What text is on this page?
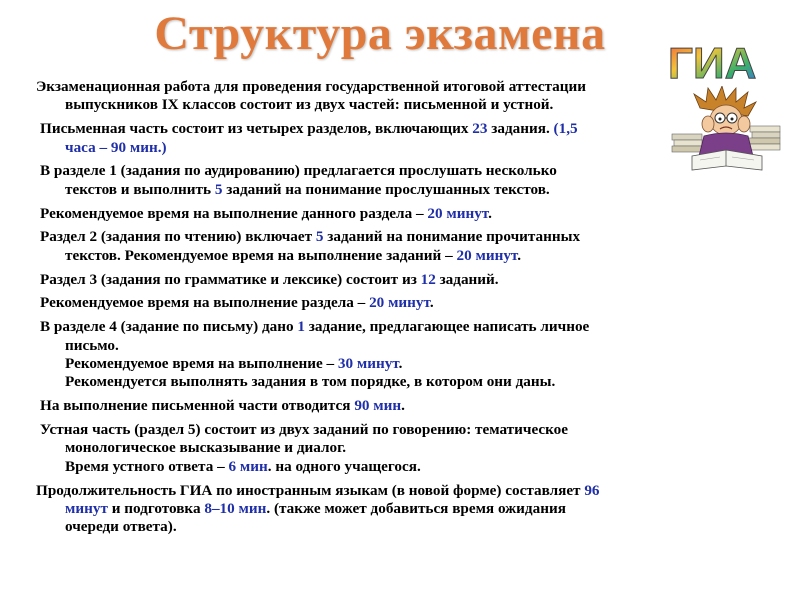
Структура экзамена
ГИА
Экзаменационная работа для проведения государственной итоговой аттестации
выпускников IX классов состоит из двух частей: письменной и устной.
Письменная часть состоит из четырех разделов, включающих 23 задания. (1,5
часа – 90 мин.)
В разделе 1 (задания по аудированию) предлагается прослушать несколько
текстов и выполнить 5 заданий на понимание прослушанных текстов.
Рекомендуемое время на выполнение данного раздела – 20 минут.
Раздел 2 (задания по чтению) включает 5 заданий на понимание прочитанных
текстов. Рекомендуемое время на выполнение заданий – 20 минут.
Раздел 3 (задания по грамматике и лексике) состоит из 12 заданий.
Рекомендуемое время на выполнение раздела – 20 минут.
В разделе 4 (задание по письму) дано 1 задание, предлагающее написать личное
письмо.
Рекомендуемое время на выполнение – 30 минут.
Рекомендуется выполнять задания в том порядке, в котором они даны.
На выполнение письменной части отводится 90 мин.
Устная часть (раздел 5) состоит из двух заданий по говорению: тематическое
монологическое высказывание и диалог.
Время устного ответа – 6 мин. на одного учащегося.
Продолжительность ГИА по иностранным языкам (в новой форме) составляет 96
минут и подготовка 8–10 мин. (также может добавиться время ожидания
очереди ответа).
